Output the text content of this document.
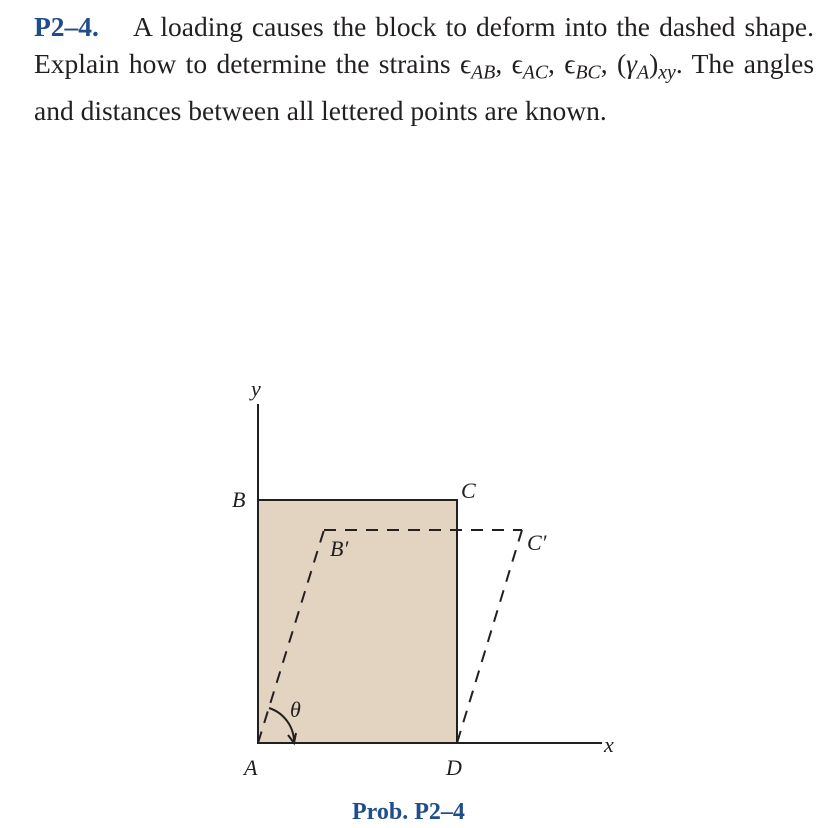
P2–4. A loading causes the block to deform into the dashed shape. Explain how to determine the strains $\epsilon_{AB}$, $\epsilon_{AC}$, $\epsilon_{BC}$, $(\gamma_A)_{xy}$. The angles and distances between all lettered points are known.
y
x
A
B	C
D
B′	C′
θ
Prob. P2–4
